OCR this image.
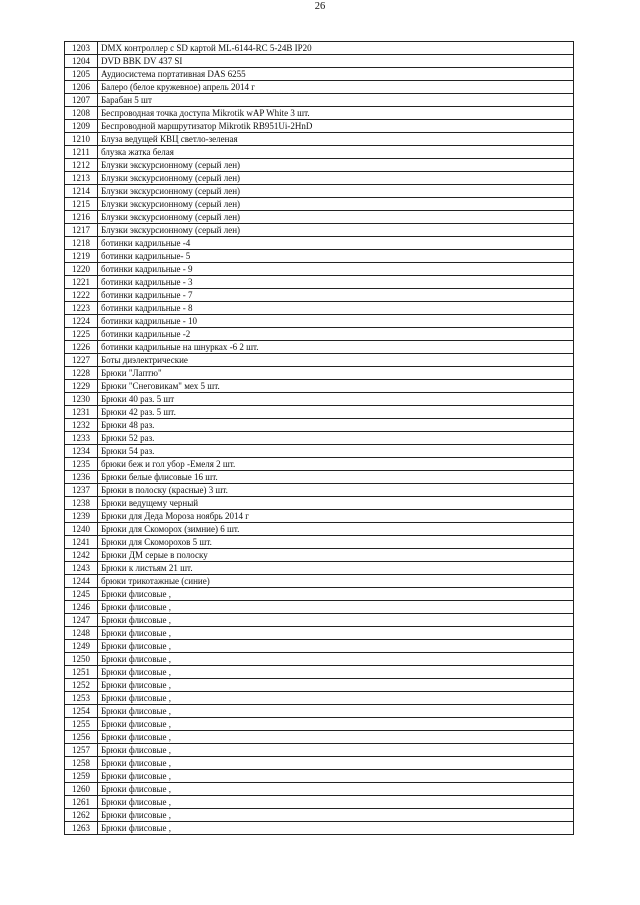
26
1203	DMX контроллер с SD картой ML-6144-RC 5-24В IP20
1204	DVD BBK DV 437 SI
1205	Аудиосистема портативная DAS 6255
1206	Балеро (белое кружевное) апрель 2014 г
1207	Барабан 5 шт
1208	Беспроводная точка доступа Mikrotik wAP White 3 шт.
1209	Беспроводной маршрутизатор Mikrotik RB951Ui-2HnD
1210	Блуза ведущей КВЦ светло-зеленая
1211	блузка жатка белая
1212	Блузки экскурсионному (серый лен)
1213	Блузки экскурсионному (серый лен)
1214	Блузки экскурсионному (серый лен)
1215	Блузки экскурсионному (серый лен)
1216	Блузки экскурсионному (серый лен)
1217	Блузки экскурсионному (серый лен)
1218	ботинки кадрильные -4
1219	ботинки кадрильные- 5
1220	ботинки кадрильные - 9
1221	ботинки кадрильные - 3
1222	ботинки кадрильные - 7
1223	ботинки кадрильные - 8
1224	ботинки кадрильные - 10
1225	ботинки кадрильные -2
1226	ботинки кадрильные на шнурках -6 2 шт.
1227	Боты диэлектрические
1228	Брюки "Лаптю"
1229	Брюки "Снеговикам" мех 5 шт.
1230	Брюки 40 раз. 5 шт
1231	Брюки 42 раз. 5 шт.
1232	Брюки 48 раз.
1233	Брюки 52 раз.
1234	Брюки 54 раз.
1235	брюки беж и гол убор -Емеля 2 шт.
1236	Брюки белые флисовые 16 шт.
1237	Брюки в полоску (красные) 3 шт.
1238	Брюки ведущему черный
1239	Брюки для Деда Мороза ноябрь 2014 г
1240	Брюки для Скоморох (зимние) 6 шт.
1241	Брюки для Скоморохов 5 шт.
1242	Брюки ДМ серые в полоску
1243	Брюки к листьям 21 шт.
1244	брюки трикотажные (синие)
1245	Брюки флисовые ,
1246	Брюки флисовые ,
1247	Брюки флисовые ,
1248	Брюки флисовые ,
1249	Брюки флисовые ,
1250	Брюки флисовые ,
1251	Брюки флисовые ,
1252	Брюки флисовые ,
1253	Брюки флисовые ,
1254	Брюки флисовые ,
1255	Брюки флисовые ,
1256	Брюки флисовые ,
1257	Брюки флисовые ,
1258	Брюки флисовые ,
1259	Брюки флисовые ,
1260	Брюки флисовые ,
1261	Брюки флисовые ,
1262	Брюки флисовые ,
1263	Брюки флисовые ,
